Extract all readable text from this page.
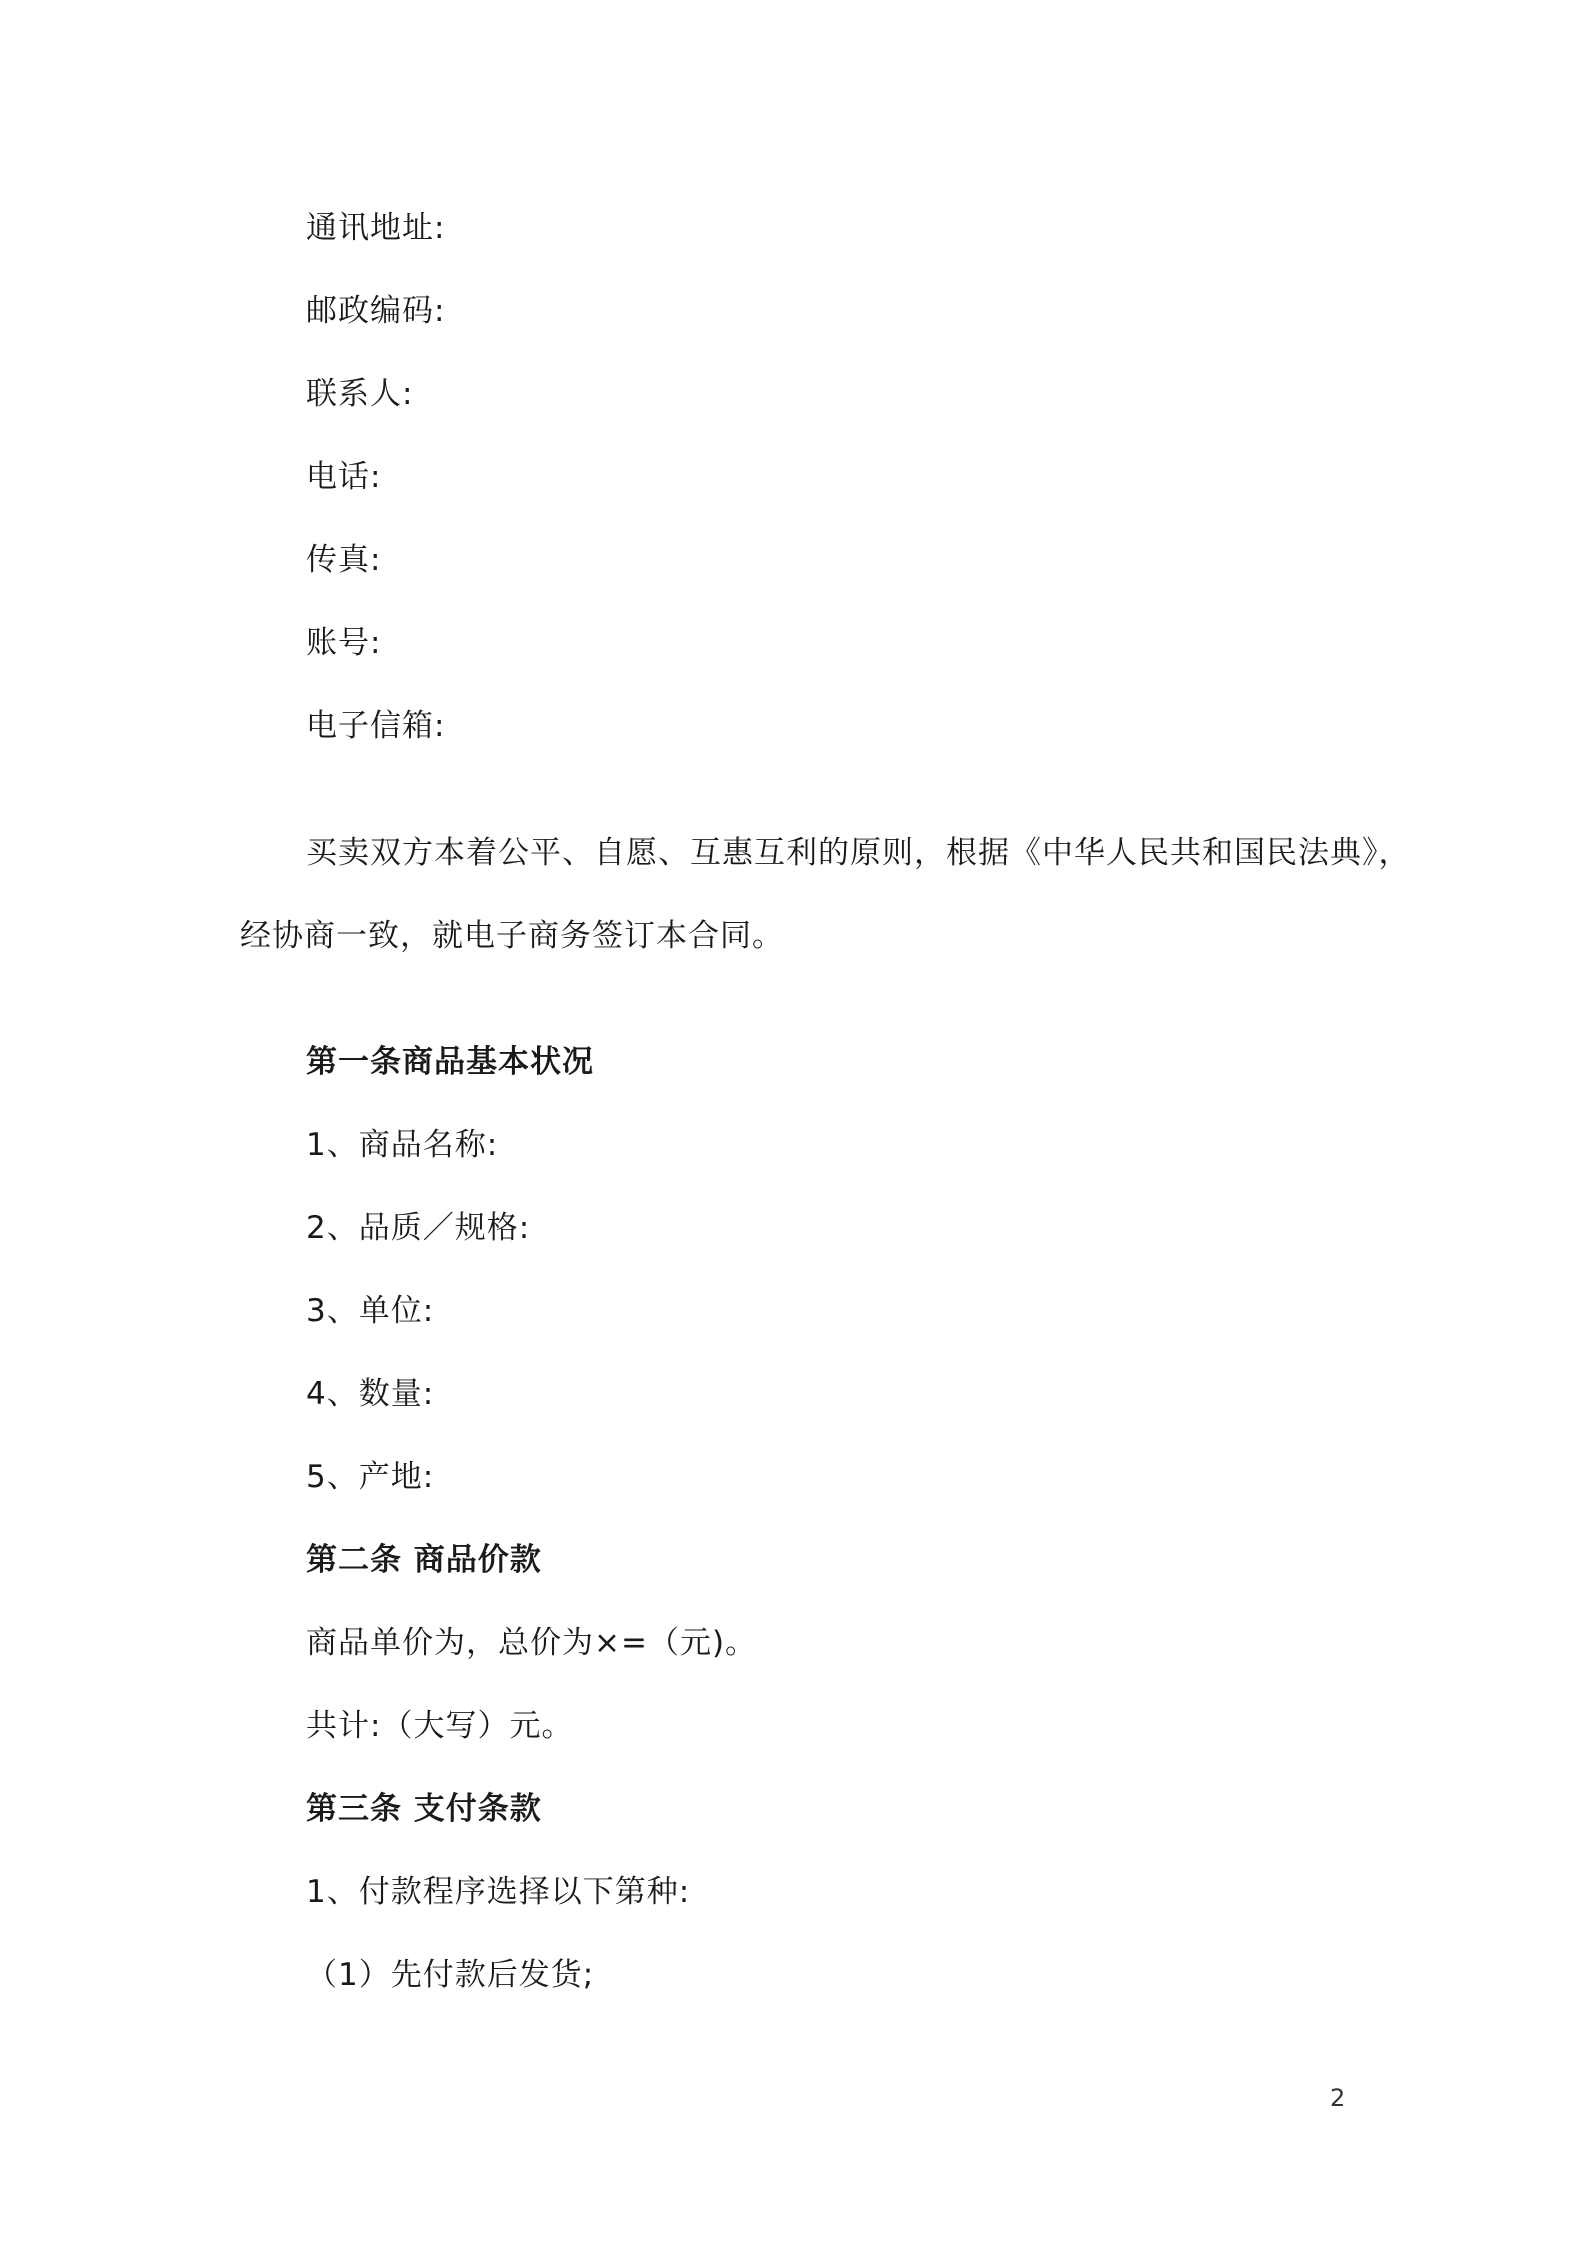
通讯地址:
邮政编码:
联系人:
电话:
传真:
账号:
电子信箱:
买卖双方本着公平、自愿、互惠互利的原则，根据《中华人民共和国民法典》，
经协商一致，就电子商务签订本合同。
第一条商品基本状况
1、商品名称:
2、品质／规格:
3、单位:
4、数量:
5、产地:
第二条 商品价款
商品单价为，总价为×=（元)。
共计:（大写）元。
第三条 支付条款
1、付款程序选择以下第种:
（1）先付款后发货;
2
